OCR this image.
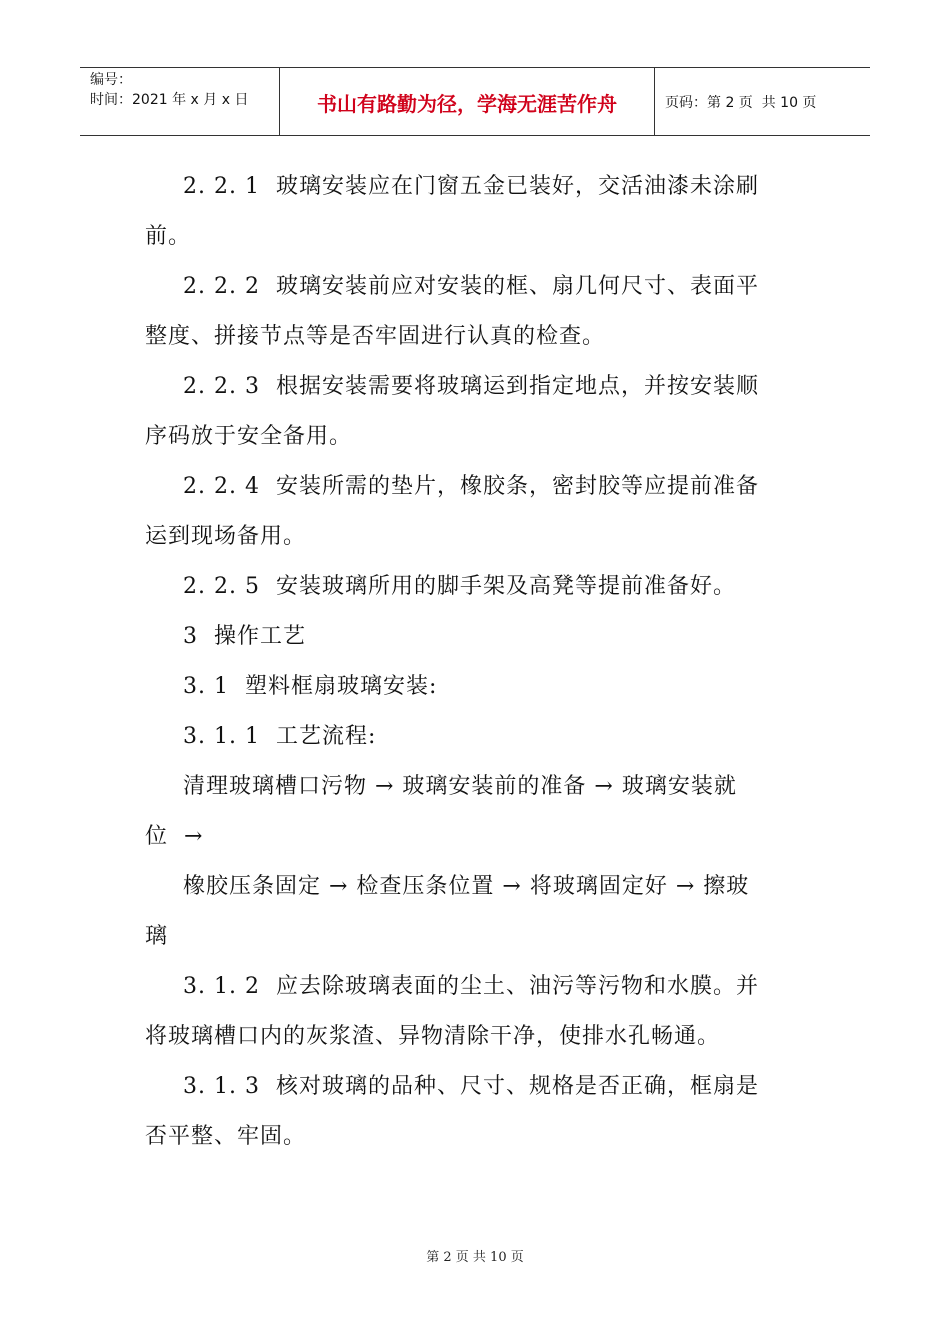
编号：
时间：2021 年 x 月 x 日	书山有路勤为径，学海无涯苦作舟	页码：第 2 页  共 10 页
2. 2. 1  玻璃安装应在门窗五金已装好，交活油漆未涂刷
前。
2. 2. 2  玻璃安装前应对安装的框、扇几何尺寸、表面平
整度、拼接节点等是否牢固进行认真的检查。
2. 2. 3  根据安装需要将玻璃运到指定地点，并按安装顺
序码放于安全备用。
2. 2. 4  安装所需的垫片，橡胶条，密封胶等应提前准备
运到现场备用。
2. 2. 5  安装玻璃所用的脚手架及高凳等提前准备好。
3  操作工艺
3. 1  塑料框扇玻璃安装:
3. 1. 1  工艺流程:
清理玻璃槽口污物 → 玻璃安装前的准备 → 玻璃安装就
位  →
橡胶压条固定 → 检查压条位置 → 将玻璃固定好 → 擦玻
璃
3. 1. 2  应去除玻璃表面的尘土、油污等污物和水膜。并
将玻璃槽口内的灰浆渣、异物清除干净，使排水孔畅通。
3. 1. 3  核对玻璃的品种、尺寸、规格是否正确，框扇是
否平整、牢固。
第 2 页 共 10 页
